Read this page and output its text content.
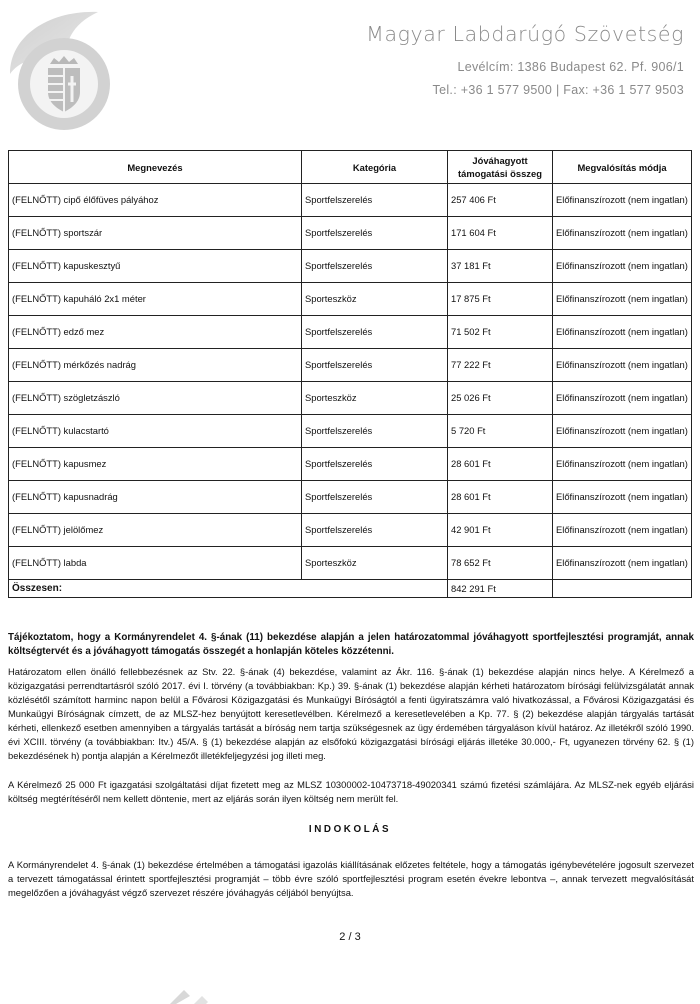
Magyar Labdarúgó Szövetség
Levélcím: 1386 Budapest 62. Pf. 906/1
Tel.: +36 1 577 9500 | Fax: +36 1 577 9503
Megnevezés	Kategória	Jóváhagyott támogatási összeg	Megvalósítás módja
(FELNŐTT) cipő élőfüves pályához	Sportfelszerelés	257 406 Ft	Előfinanszírozott (nem ingatlan)
(FELNŐTT) sportszár	Sportfelszerelés	171 604 Ft	Előfinanszírozott (nem ingatlan)
(FELNŐTT) kapuskesztyű	Sportfelszerelés	37 181 Ft	Előfinanszírozott (nem ingatlan)
(FELNŐTT) kapuháló 2x1 méter	Sporteszköz	17 875 Ft	Előfinanszírozott (nem ingatlan)
(FELNŐTT) edző mez	Sportfelszerelés	71 502 Ft	Előfinanszírozott (nem ingatlan)
(FELNŐTT) mérkőzés nadrág	Sportfelszerelés	77 222 Ft	Előfinanszírozott (nem ingatlan)
(FELNŐTT) szögletzászló	Sporteszköz	25 026 Ft	Előfinanszírozott (nem ingatlan)
(FELNŐTT) kulacstartó	Sportfelszerelés	5 720 Ft	Előfinanszírozott (nem ingatlan)
(FELNŐTT) kapusmez	Sportfelszerelés	28 601 Ft	Előfinanszírozott (nem ingatlan)
(FELNŐTT) kapusnadrág	Sportfelszerelés	28 601 Ft	Előfinanszírozott (nem ingatlan)
(FELNŐTT) jelölőmez	Sportfelszerelés	42 901 Ft	Előfinanszírozott (nem ingatlan)
(FELNŐTT) labda	Sporteszköz	78 652 Ft	Előfinanszírozott (nem ingatlan)
Összesen:		842 291 Ft	
Tájékoztatom, hogy a Kormányrendelet 4. §-ának (11) bekezdése alapján a jelen határozatommal jóváhagyott sportfejlesztési programját, annak költségtervét és a jóváhagyott támogatás összegét a honlapján köteles közzétenni.
Határozatom ellen önálló fellebbezésnek az Stv. 22. §-ának (4) bekezdése, valamint az Ákr. 116. §-ának (1) bekezdése alapján nincs helye. A Kérelmező a közigazgatási perrendtartásról szóló 2017. évi I. törvény (a továbbiakban: Kp.) 39. §-ának (1) bekezdése alapján kérheti határozatom bírósági felülvizsgálatát annak közlésétől számított harminc napon belül a Fővárosi Közigazgatási és Munkaügyi Bíróságtól a fenti ügyiratszámra való hivatkozással, a Fővárosi Közigazgatási és Munkaügyi Bíróságnak címzett, de az MLSZ-hez benyújtott keresetlevélben. Kérelmező a keresetlevelében a Kp. 77. § (2) bekezdése alapján tárgyalás tartását kérheti, ellenkező esetben amennyiben a tárgyalás tartását a bíróság nem tartja szükségesnek az ügy érdemében tárgyaláson kívül határoz. Az illetékről szóló 1990. évi XCIII. törvény (a továbbiakban: Itv.) 45/A. § (1) bekezdése alapján az elsőfokú közigazgatási bírósági eljárás illetéke 30.000,- Ft, ugyanezen törvény 62. § (1) bekezdésének h) pontja alapján a Kérelmezőt illetékfeljegyzési jog illeti meg.
A Kérelmező 25 000 Ft igazgatási szolgáltatási díjat fizetett meg az MLSZ 10300002-10473718-49020341 számú fizetési számlájára. Az MLSZ-nek egyéb eljárási költség megtérítéséről nem kellett döntenie, mert az eljárás során ilyen költség nem merült fel.
INDOKOLÁS
A Kormányrendelet 4. §-ának (1) bekezdése értelmében a támogatási igazolás kiállításának előzetes feltétele, hogy a támogatás igénybevételére jogosult szervezet a tervezett támogatással érintett sportfejlesztési programját – több évre szóló sportfejlesztési program esetén évekre lebontva –, annak tervezett megvalósítását megelőzően a jóváhagyást végző szervezet részére jóváhagyás céljából benyújtsa.
2 / 3
